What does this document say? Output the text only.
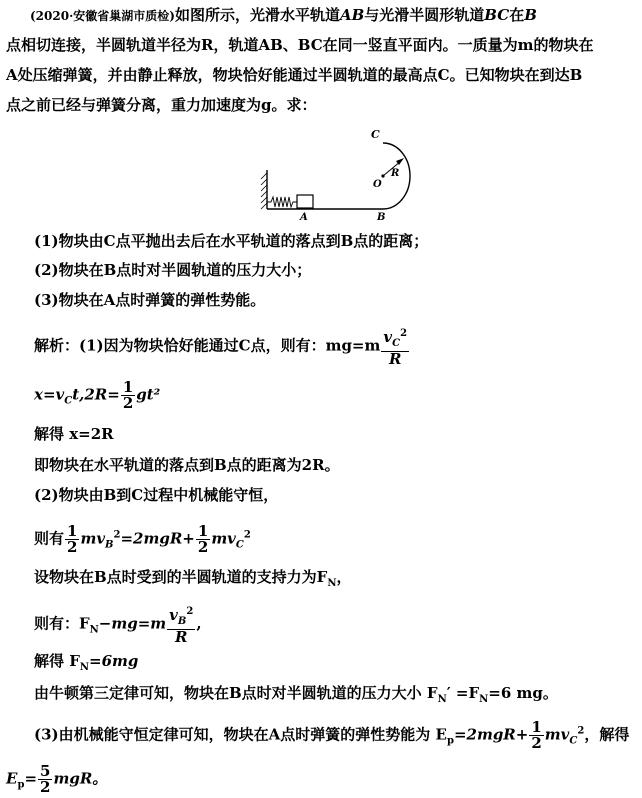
(2020·安徽省巢湖市质检)如图所示，光滑水平轨道AB与光滑半圆形轨道BC在B
点相切连接，半圆轨道半径为R，轨道AB、BC在同一竖直平面内。一质量为m的物块在
A处压缩弹簧，并由静止释放，物块恰好能通过半圆轨道的最高点C。已知物块在到达B
点之前已经与弹簧分离，重力加速度为g。求：
C
R
O
A	B
(1)物块由C点平抛出去后在水平轨道的落点到B点的距离；
(2)物块在B点时对半圆轨道的压力大小；
(3)物块在A点时弹簧的弹性势能。
解析：(1)因为物块恰好能通过C点，则有：$mg=m \frac{v_C^2}{R}$
$x=v_Ct,2R= \frac{1}{2} gt^2$
解得 x=2R
即物块在水平轨道的落点到B点的距离为2R。
(2)物块由B到C过程中机械能守恒，
则有 $\frac{1}{2} mv_B^2=2mgR+ \frac{1}{2} mv_C^2$
设物块在B点时受到的半圆轨道的支持力为$F_N$，
则有：$F_N-mg=m \frac{v_B^2}{R}$ ,
解得 $F_N=6mg$
由牛顿第三定律可知，物块在B点时对半圆轨道的压力大小 $F_N' =F_N=6$ mg。
(3)由机械能守恒定律可知，物块在A点时弹簧的弹性势能为 $E_p=2mgR+ \frac{1}{2} mv_C^2$，解得
$E_p= \frac{5}{2}$ mgR。
